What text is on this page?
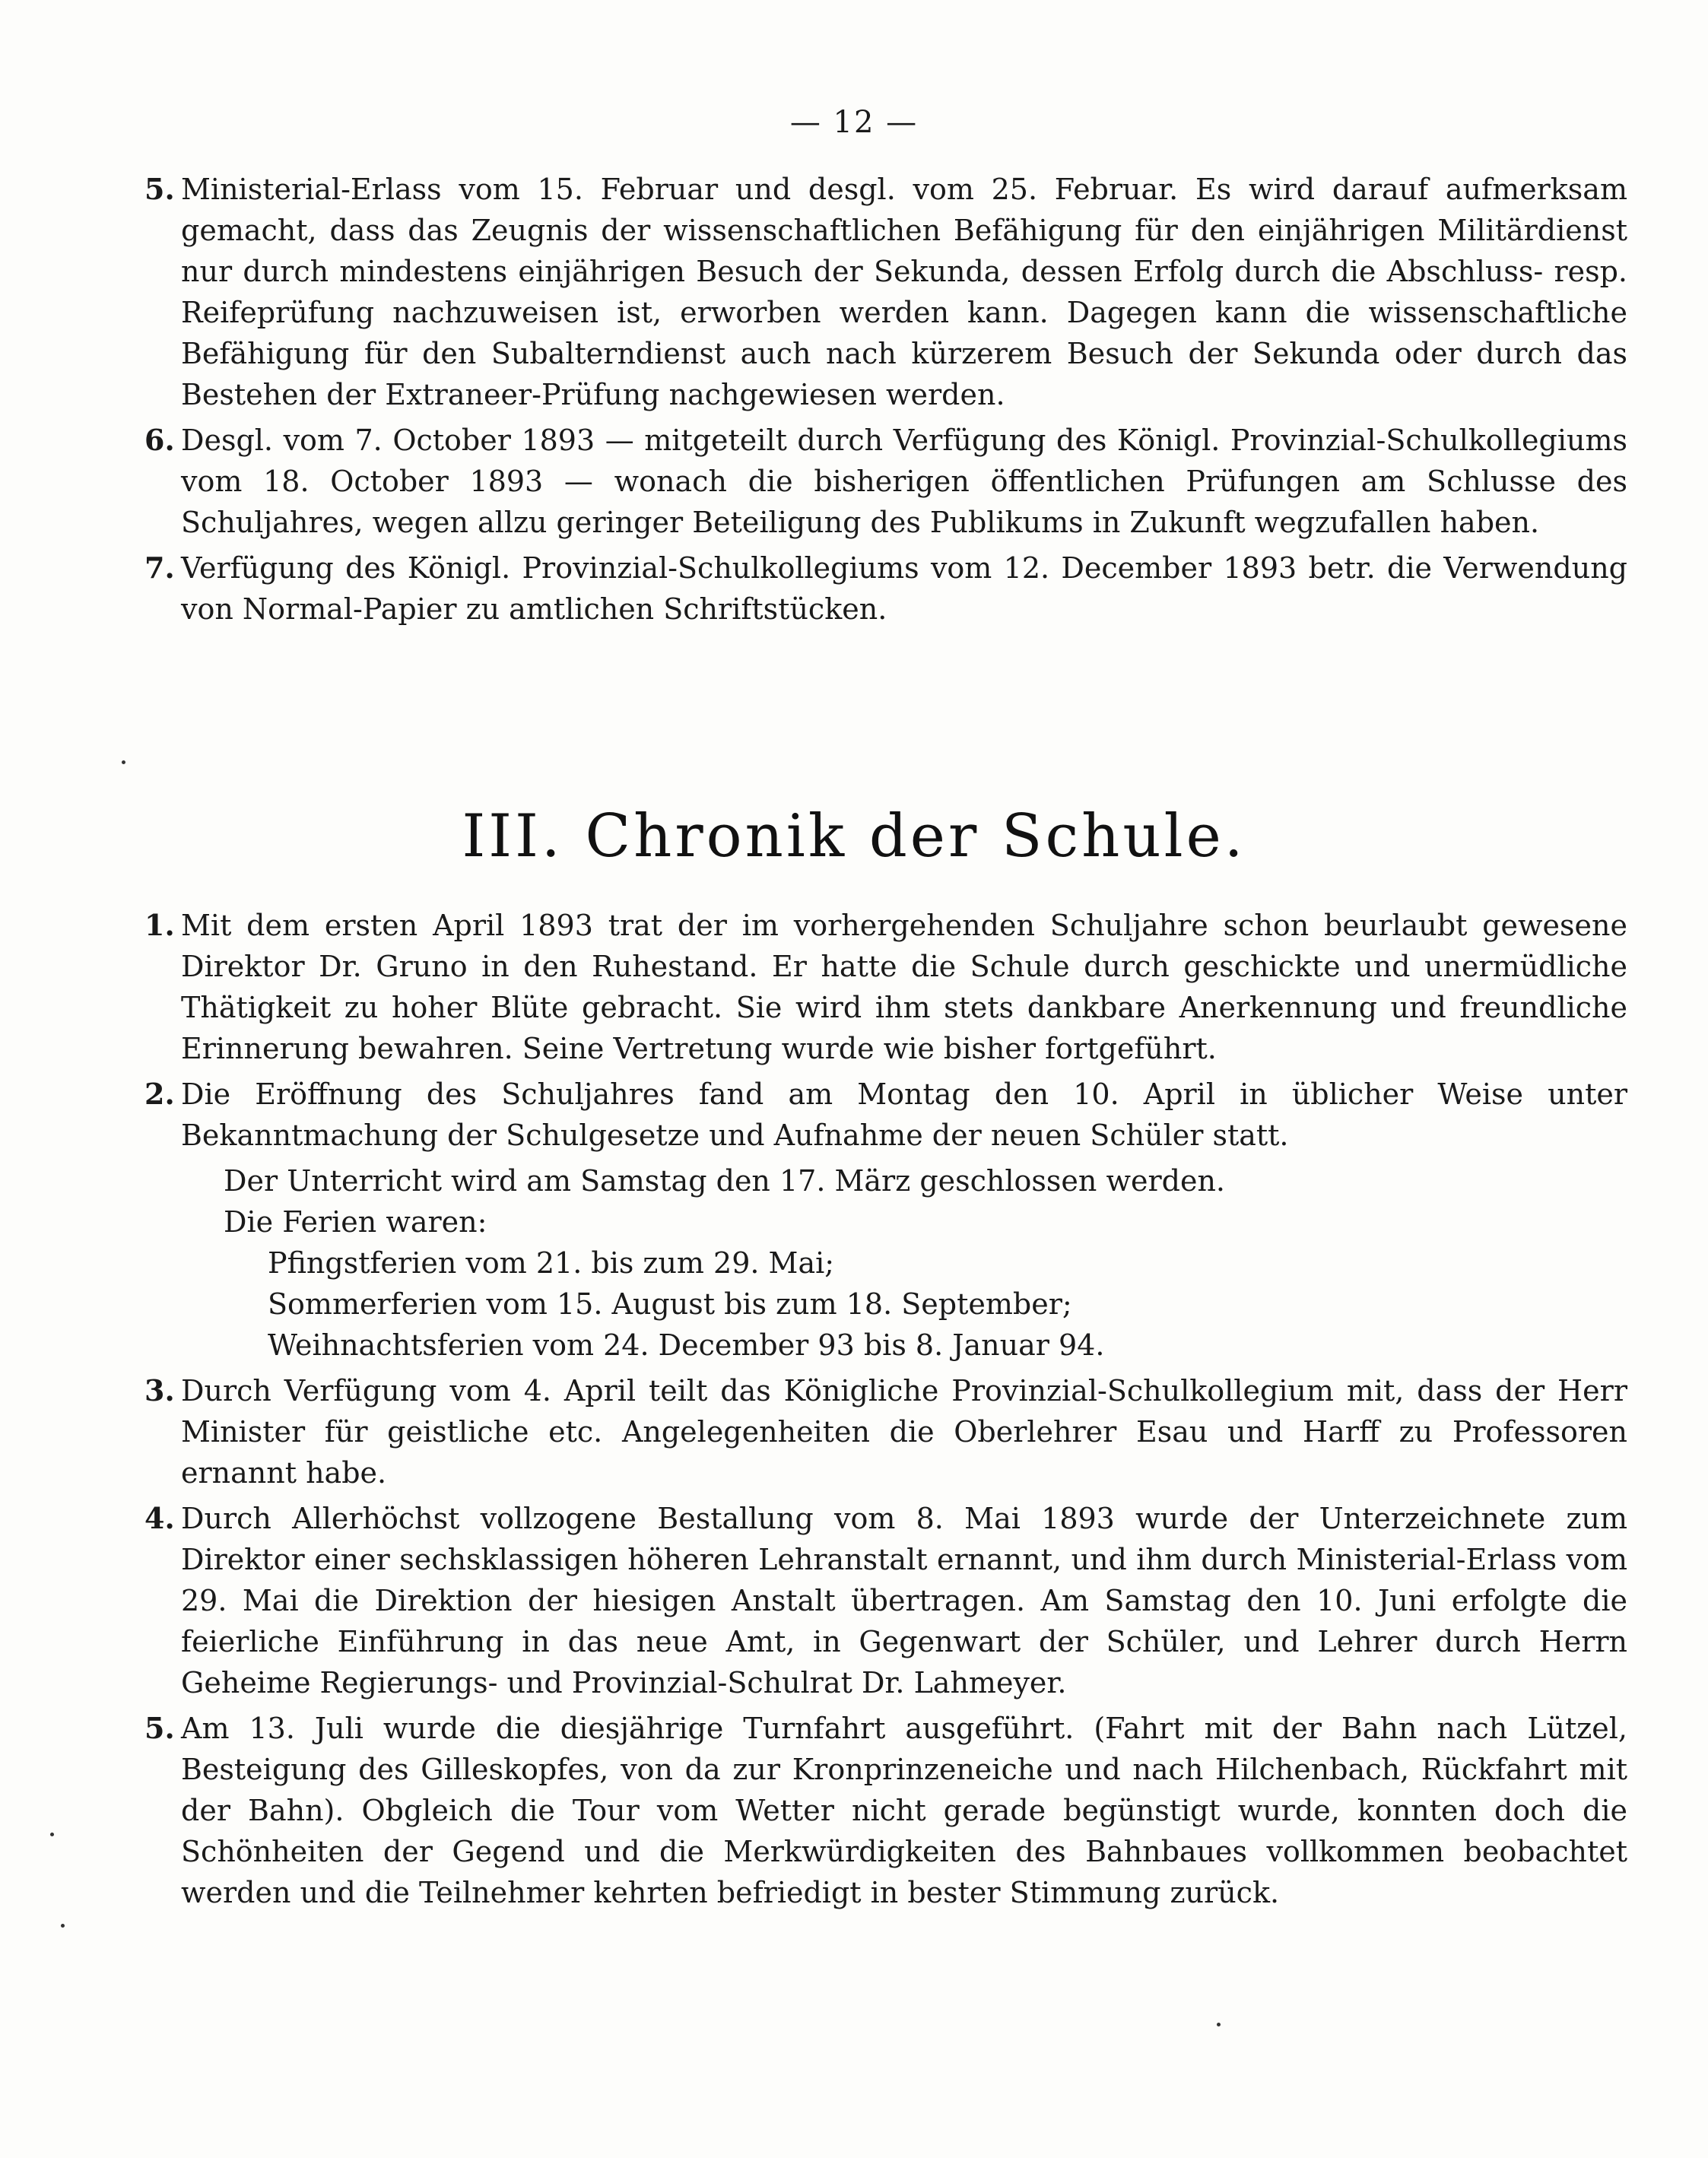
— 12 —
5. Ministerial-Erlass vom 15. Februar und desgl. vom 25. Februar. Es wird darauf aufmerksam gemacht, dass das Zeugnis der wissenschaftlichen Befähigung für den einjährigen Militärdienst nur durch mindestens einjährigen Besuch der Sekunda, dessen Erfolg durch die Abschluss- resp. Reifeprüfung nachzuweisen ist, erworben werden kann. Dagegen kann die wissenschaftliche Befähigung für den Subalterndienst auch nach kürzerem Besuch der Sekunda oder durch das Bestehen der Extraneer-Prüfung nachgewiesen werden.
6. Desgl. vom 7. October 1893 — mitgeteilt durch Verfügung des Königl. Provinzial-Schulkollegiums vom 18. October 1893 — wonach die bisherigen öffentlichen Prüfungen am Schlusse des Schuljahres, wegen allzu geringer Beteiligung des Publikums in Zukunft wegzufallen haben.
7. Verfügung des Königl. Provinzial-Schulkollegiums vom 12. December 1893 betr. die Verwendung von Normal-Papier zu amtlichen Schriftstücken.
III. Chronik der Schule.
1. Mit dem ersten April 1893 trat der im vorhergehenden Schuljahre schon beurlaubt gewesene Direktor Dr. Gruno in den Ruhestand. Er hatte die Schule durch geschickte und unermüdliche Thätigkeit zu hoher Blüte gebracht. Sie wird ihm stets dankbare Anerkennung und freundliche Erinnerung bewahren. Seine Vertretung wurde wie bisher fortgeführt.
2. Die Eröffnung des Schuljahres fand am Montag den 10. April in üblicher Weise unter Bekanntmachung der Schulgesetze und Aufnahme der neuen Schüler statt.

Der Unterricht wird am Samstag den 17. März geschlossen werden.

Die Ferien waren:

Pfingstferien vom 21. bis zum 29. Mai;

Sommerferien vom 15. August bis zum 18. September;

Weihnachtsferien vom 24. December 93 bis 8. Januar 94.

3. Durch Verfügung vom 4. April teilt das Königliche Provinzial-Schulkollegium mit, dass der Herr Minister für geistliche etc. Angelegenheiten die Oberlehrer Esau und Harff zu Professoren ernannt habe.
4. Durch Allerhöchst vollzogene Bestallung vom 8. Mai 1893 wurde der Unterzeichnete zum Direktor einer sechsklassigen höheren Lehranstalt ernannt, und ihm durch Ministerial-Erlass vom 29. Mai die Direktion der hiesigen Anstalt übertragen. Am Samstag den 10. Juni erfolgte die feierliche Einführung in das neue Amt, in Gegenwart der Schüler, und Lehrer durch Herrn Geheime Regierungs- und Provinzial-Schulrat Dr. Lahmeyer.
5. Am 13. Juli wurde die diesjährige Turnfahrt ausgeführt. (Fahrt mit der Bahn nach Lützel, Besteigung des Gilleskopfes, von da zur Kronprinzeneiche und nach Hilchenbach, Rückfahrt mit der Bahn). Obgleich die Tour vom Wetter nicht gerade begünstigt wurde, konnten doch die Schönheiten der Gegend und die Merkwürdigkeiten des Bahnbaues vollkommen beobachtet werden und die Teilnehmer kehrten befriedigt in bester Stimmung zurück.
